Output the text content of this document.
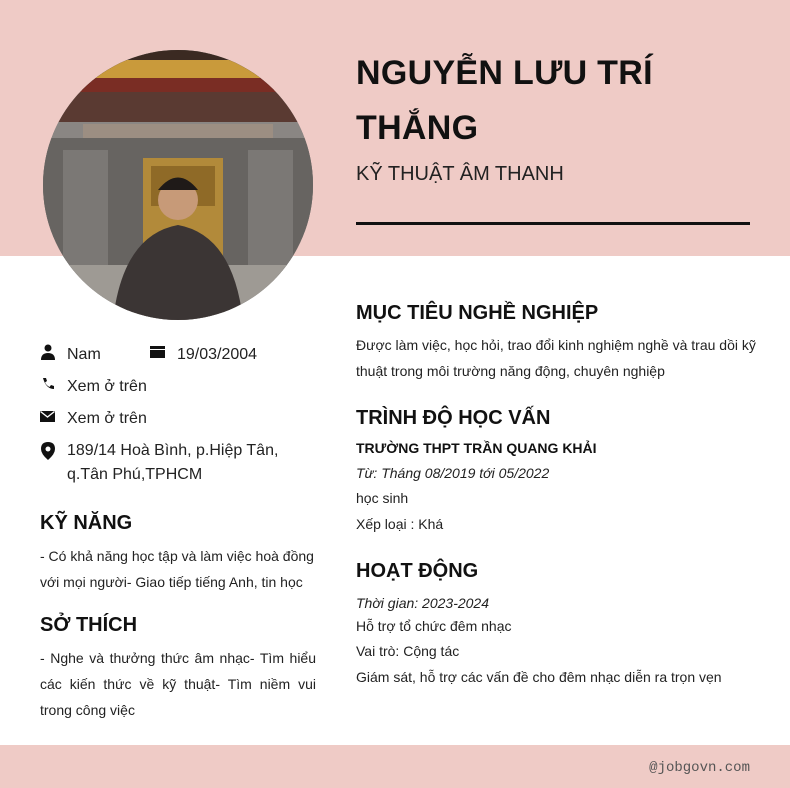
NGUYỄN LƯU TRÍ THẮNG
KỸ THUẬT ÂM THANH
Nam	19/03/2004
Xem ở trên
Xem ở trên
189/14 Hoà Bình, p.Hiệp Tân, q.Tân Phú,TPHCM
KỸ NĂNG
- Có khả năng học tập và làm việc hoà đồng với mọi người- Giao tiếp tiếng Anh, tin học
SỞ THÍCH
- Nghe và thưởng thức âm nhạc- Tìm hiểu các kiến thức về kỹ thuật- Tìm niềm vui trong công việc
MỤC TIÊU NGHỀ NGHIỆP
Được làm việc, học hỏi, trao đổi kinh nghiệm nghề và trau dồi kỹ thuật trong môi trường năng động, chuyên nghiệp
TRÌNH ĐỘ HỌC VẤN
TRƯỜNG THPT TRẦN QUANG KHẢI
Từ: Tháng 08/2019 tới 05/2022
học sinh
Xếp loại : Khá
HOẠT ĐỘNG
Thời gian: 2023-2024
Hỗ trợ tổ chức đêm nhạc
Vai trò: Cộng tác
Giám sát, hỗ trợ các vấn đề cho đêm nhạc diễn ra trọn vẹn
@jobgovn.com
